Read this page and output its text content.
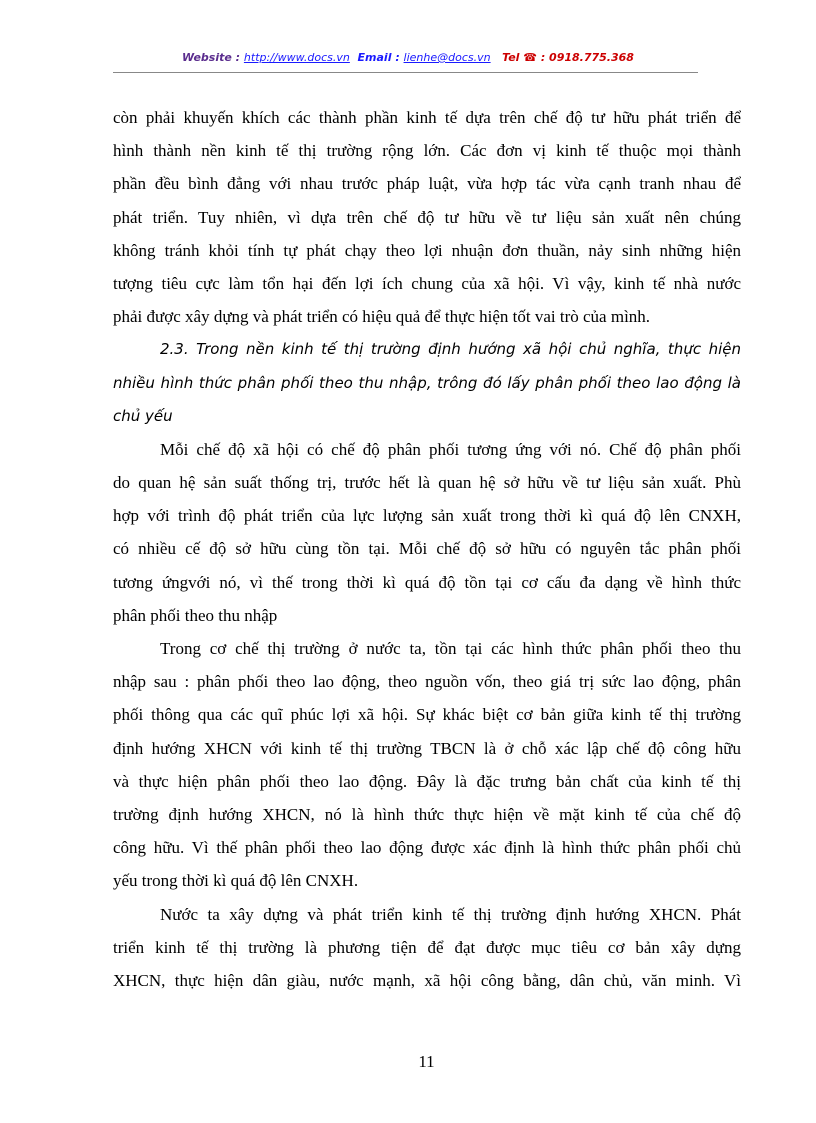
Website : http://www.docs.vn Email : lienhe@docs.vn Tel ☎ : 0918.775.368
còn phải khuyến khích các thành phần kinh tế dựa trên chế độ tư hữu phát triển để
hình thành nền kinh tế thị trường rộng lớn. Các đơn vị kinh tế thuộc mọi thành
phần đều bình đẳng với nhau trước pháp luật, vừa hợp tác vừa cạnh tranh nhau để
phát triển. Tuy nhiên, vì dựa trên chế độ tư hữu về tư liệu sản xuất nên chúng
không tránh khỏi tính tự phát chạy theo lợi nhuận đơn thuần, nảy sinh những hiện
tượng tiêu cực làm tổn hại đến lợi ích chung của xã hội. Vì vậy, kinh tế nhà nước
phải được xây dựng và phát triển có hiệu quả để thực hiện tốt vai trò của mình.
2.3. Trong nền kinh tế thị trường định hướng xã hội chủ nghĩa, thực hiện
nhiều hình thức phân phối theo thu nhập, trông đó lấy phân phối theo lao động là
chủ yếu
Mỗi chế độ xã hội có chế độ phân phối tương ứng với nó. Chế độ phân phối
do quan hệ sản suất thống trị, trước hết là quan hệ sở hữu về tư liệu sản xuất. Phù
hợp với trình độ phát triển của lực lượng sản xuất trong thời kì quá độ lên CNXH,
có nhiều cế độ sở hữu cùng tồn tại. Mỗi chế độ sở hữu có nguyên tắc phân phối
tương ứngvới nó, vì thế trong thời kì quá độ tồn tại cơ cấu đa dạng về hình thức
phân phối theo thu nhập
Trong cơ chế thị trường ở nước ta, tồn tại các hình thức phân phối theo thu
nhập sau : phân phối theo lao động, theo nguồn vốn, theo giá trị sức lao động, phân
phối thông qua các quĩ phúc lợi xã hội. Sự khác biệt cơ bản giữa kinh tế thị trường
định hướng XHCN với kinh tế thị trường TBCN là ở chỗ xác lập chế độ công hữu
và thực hiện phân phối theo lao động. Đây là đặc trưng bản chất của kinh tế thị
trường định hướng XHCN, nó là hình thức thực hiện về mặt kinh tế của chế độ
công hữu. Vì thế phân phối theo lao động được xác định là hình thức phân phối chủ
yếu trong thời kì quá độ lên CNXH.
Nước ta xây dựng và phát triển kinh tế thị trường định hướng XHCN. Phát
triển kinh tế thị trường là phương tiện để đạt được mục tiêu cơ bản xây dựng
XHCN, thực hiện dân giàu, nước mạnh, xã hội công bằng, dân chủ, văn minh. Vì
11
